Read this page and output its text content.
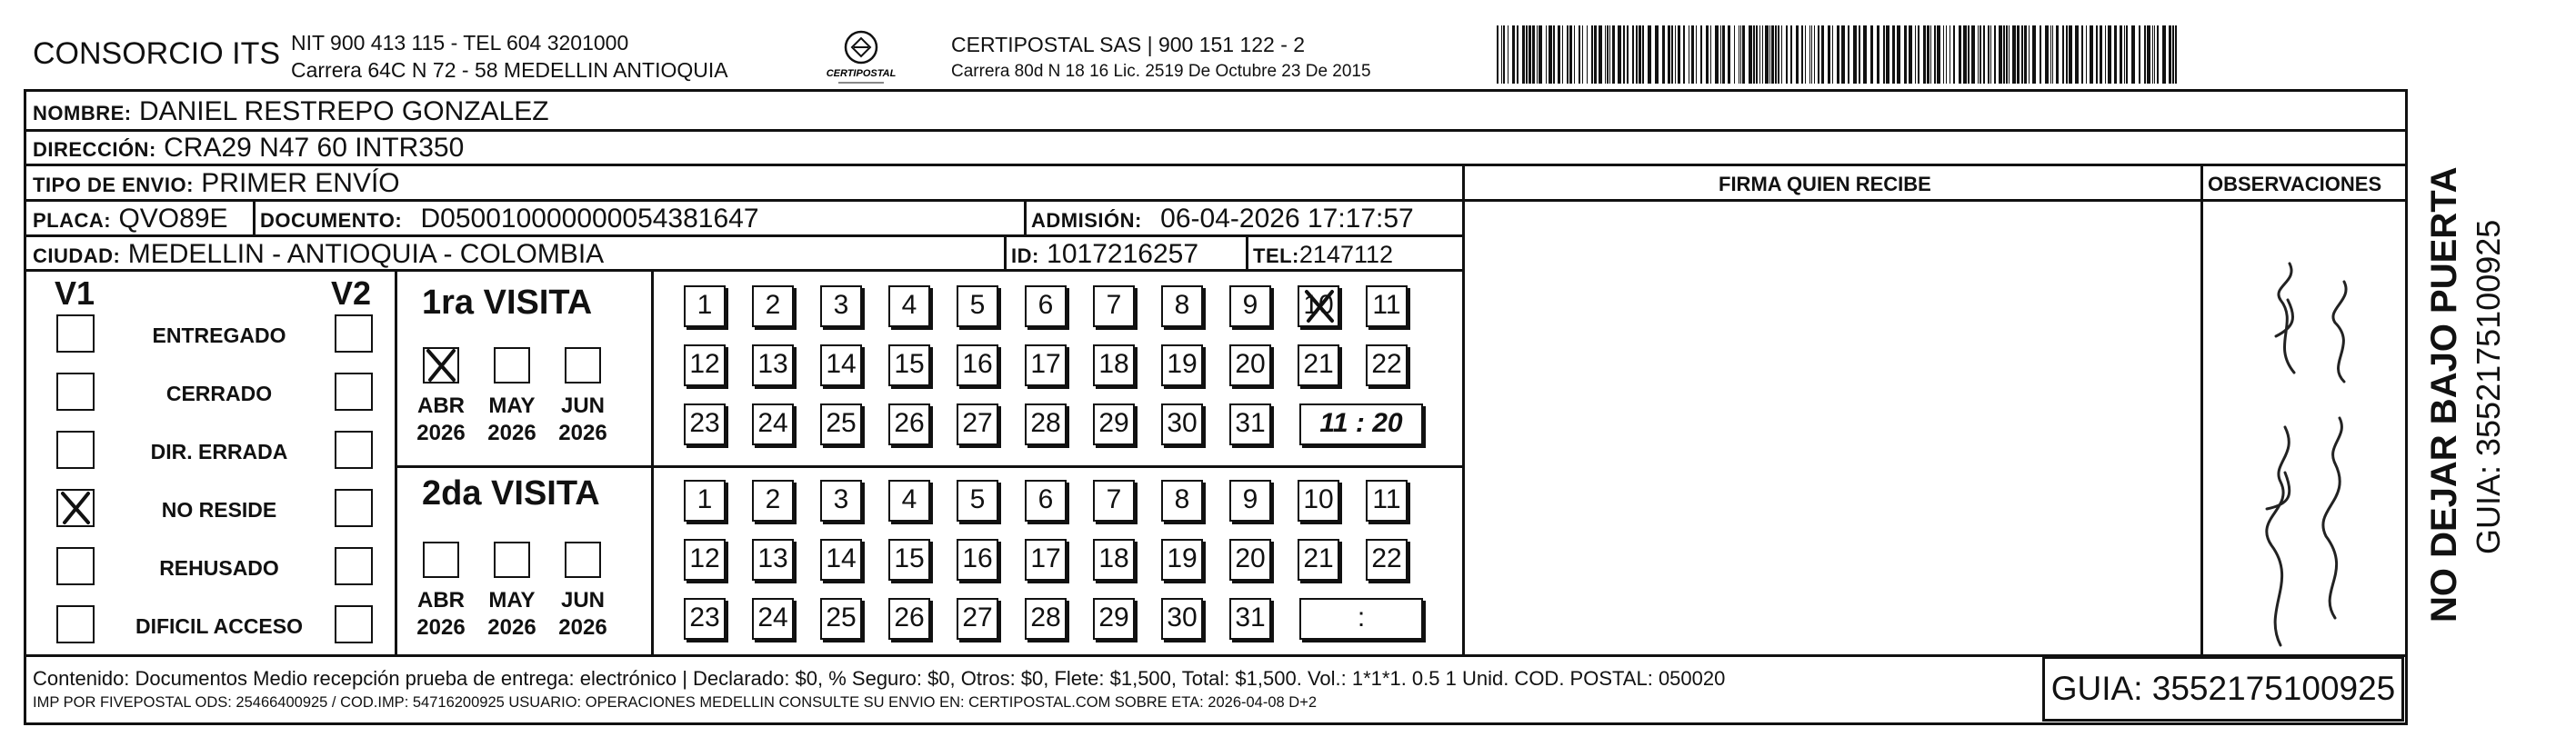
CONSORCIO ITS NIT 900 413 115 - TEL 604 3201000
Carrera 64C N 72 - 58 MEDELLIN ANTIOQUIA	CERTIPOSTAL
CERTIPOSTAL SAS | 900 151 122 - 2
Carrera 80d N 18 16 Lic. 2519 De Octubre 23 De 2015
NOMBRE: DANIEL RESTREPO GONZALEZ
DIRECCIÓN: CRA29 N47 60 INTR350
TIPO DE ENVIO: PRIMER ENVÍO	FIRMA QUIEN RECIBE	OBSERVACIONES
PLACA: QVO89E DOCUMENTO: D050010000000054381647	ADMISIÓN: 06-04-2026 17:17:57
CIUDAD: MEDELLIN - ANTIOQUIA - COLOMBIA	ID: 1017216257	TEL:2147112
V1	V2
ENTREGADO
CERRADO
DIR. ERRADA
NO RESIDE
REHUSADO
DIFICIL ACCESO
1ra VISITA
ABR
2026
MAY
2026
JUN
2026
1	2	3	4	5	6	7	8	9	10 11
12 13 14 15 16 17 18 19 20 21 22
23 24 25 26 27 28 29 30 31	11 : 20
2da VISITA
ABR
2026
MAY
2026
JUN
2026
1	2	3	4	5	6	7	8	9	10 11
12 13 14 15 16 17 18 19 20 21 22
23 24 25 26 27 28 29 30 31	:	NO DEJAR BAJO PUERTA GUIA: 3552175100925
Contenido: Documentos Medio recepción prueba de entrega: electrónico | Declarado: $0, % Seguro: $0, Otros: $0, Flete: $1,500, Total: $1,500. Vol.: 1*1*1. 0.5 1 Unid. COD. POSTAL: 050020
IMP POR FIVEPOSTAL ODS: 25466400925 / COD.IMP: 54716200925 USUARIO: OPERACIONES MEDELLIN CONSULTE SU ENVIO EN: CERTIPOSTAL.COM SOBRE ETA: 2026-04-08 D+2	GUIA: 3552175100925
